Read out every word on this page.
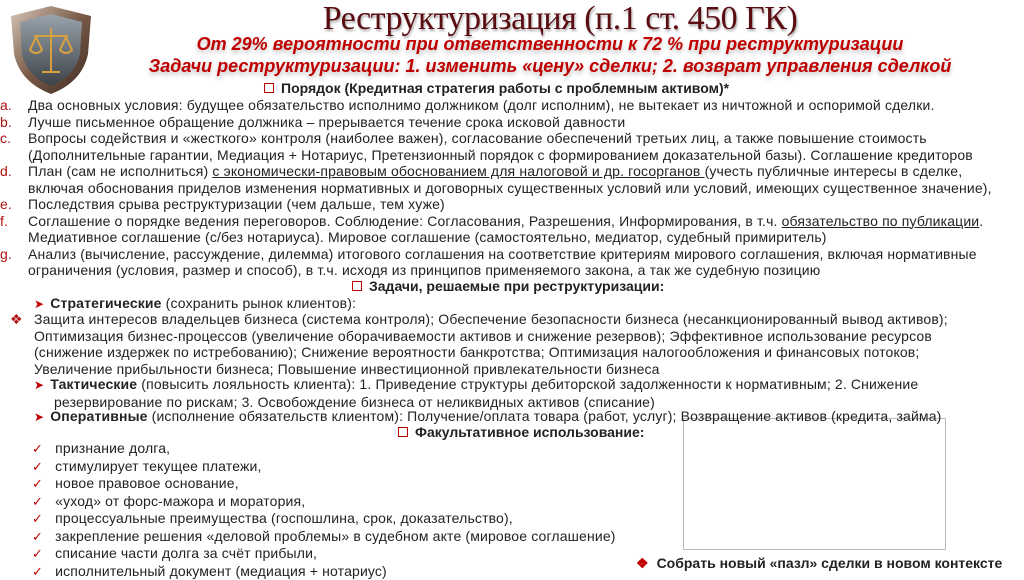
Реструктуризация (п.1 ст. 450 ГК)
От 29% вероятности при ответственности к 72 % при реструктуризации
Задачи реструктуризации: 1. изменить «цену» сделки; 2. возврат управления сделкой
Порядок (Кредитная стратегия работы с проблемным активом)*
a. Два основных условия: будущее обязательство исполнимо должником (долг исполним), не вытекает из ничтожной и оспоримой сделки.
b. Лучше письменное обращение должника – прерывается течение срока исковой давности
c. Вопросы содействия и «жесткого» контроля (наиболее важен), согласование обеспечений третьих лиц, а также повышение стоимость
(Дополнительные гарантии, Медиация + Нотариус, Претензионный порядок с формированием доказательной базы). Соглашение кредиторов
d. План (сам не исполниться) с экономически-правовым обоснованием для налоговой и др. госорганов (учесть публичные интересы в сделке,
включая обоснования приделов изменения нормативных и договорных существенных условий или условий, имеющих существенное значение),
e. Последствия срыва реструктуризации (чем дальше, тем хуже)
f. Соглашение о порядке ведения переговоров. Соблюдение: Согласования, Разрешения, Информирования, в т.ч. обязательство по публикации.
Медиативное соглашение (с/без нотариуса). Мировое соглашение (самостоятельно, медиатор, судебный примиритель)
g. Анализ (вычисление, рассуждение, дилемма) итогового соглашения на соответствие критериям мирового соглашения, включая нормативные
ограничения (условия, размер и способ), в т.ч. исходя из принципов применяемого закона, а так же судебную позицию
Задачи, решаемые при реструктуризации:
➤ Стратегические (сохранить рынок клиентов):
❖ Защита интересов владельцев бизнеса (система контроля); Обеспечение безопасности бизнеса (несанкционированный вывод активов);
Оптимизация бизнес-процессов (увеличение оборачиваемости активов и снижение резервов); Эффективное использование ресурсов
(снижение издержек по истребованию); Снижение вероятности банкротства; Оптимизация налогообложения и финансовых потоков;
Увеличение прибыльности бизнеса; Повышение инвестиционной привлекательности бизнеса
➤ Тактические (повысить лояльность клиента): 1. Приведение структуры дебиторской задолженности к нормативным; 2. Снижение
резервирование по рискам; 3. Освобождение бизнеса от неликвидных активов (списание)
➤ Оперативные (исполнение обязательств клиентом): Получение/оплата товара (работ, услуг); Возвращение активов (кредита, займа)
Факультативное использование:
✓ признание долга,
✓ стимулирует текущее платежи,
✓ новое правовое основание,
✓ «уход» от форс-мажора и моратория,
✓ процессуальные преимущества (госпошлина, срок, доказательство),
✓ закрепление решения «деловой проблемы» в судебном акте (мировое соглашение)
✓ списание части долга за счёт прибыли,
✓ исполнительный документ (медиация + нотариус)	❖ Собрать новый «пазл» сделки в новом контексте
